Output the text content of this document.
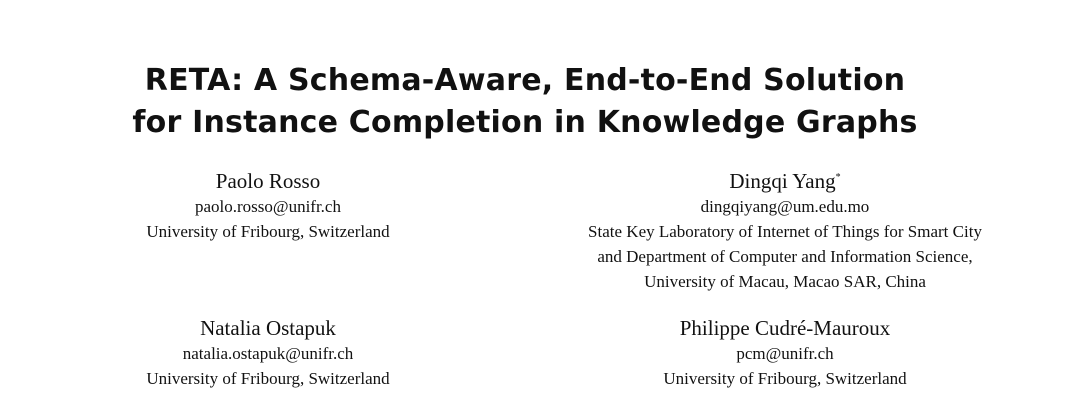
RETA: A Schema-Aware, End-to-End Solution
for Instance Completion in Knowledge Graphs
Paolo Rosso
paolo.rosso@unifr.ch
University of Fribourg, Switzerland
Dingqi Yang*
dingqiyang@um.edu.mo
State Key Laboratory of Internet of Things for Smart City
and Department of Computer and Information Science,
University of Macau, Macao SAR, China
Natalia Ostapuk
natalia.ostapuk@unifr.ch
University of Fribourg, Switzerland
Philippe Cudré-Mauroux
pcm@unifr.ch
University of Fribourg, Switzerland
